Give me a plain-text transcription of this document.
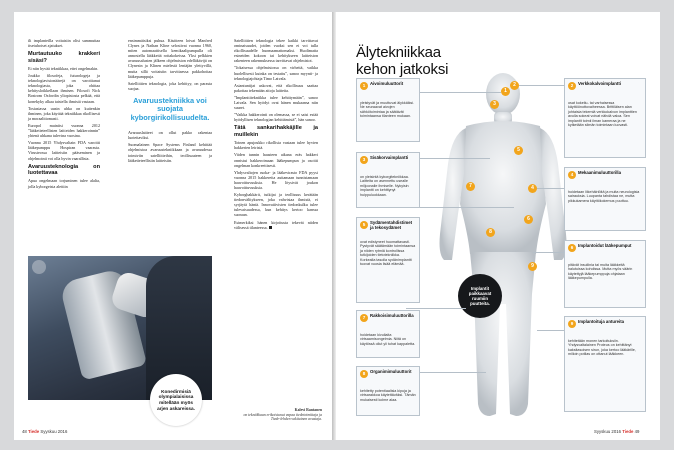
ili implanteilla voitaisiin olisi sammuttaa itsetuhoiset ajatukset.

Murtautuuko krakkeri sisäsi?

Ei niin hyvää tekniikkaa, ettei ongelmakin.

Joukko filosofeja, futurologeja ja teknologiavisionäärejä on varoittanut teknologiasta, joka ohittaa kehitysloikkellaan ihmisen. Filosofi Nick Bostrom Oxfordin yliopistosta pelkää, että konekyky alkaa taistella ihmistä vastaan.

Tosiasiassa uusin uhka on kuitenkin ihminen, joka käyttää tekniikkaa rikollisesti ja moraalittomasti.

Europol mainitsi vuonna 2012 ”lääketieteellisten laitteiden hakkeroinnin” yhtenä uhkana tulevina vuosina.

Vuonna 2015 Yhdysvaltain FDA varoitti lääkepumppu Hospiran vaarasta. Virusteossa laitteisiin pääseminen ja ohjelmointi voi olla hyvin vaarallista.

Avaruusteknologia on luotettavaa

Apua ongelmaan torjuminen tulee alalta, jolla kyborgeista alettiin

ensimmäisiksi puhua. Käsitteen loivat Manfred Clynes ja Nathan Kline selostivat vuonna 1960, miten automaattisella kemikaalipumpulla oli annostellu lääkkeitä rottakokeissa. Yksi pelkkien avaruusalusten jälkeen ohjelmiston edelläkävijä on Clynesin ja Klinen mielestä lentäjän ylettyvillä, mutta sillä voitaisiin tarvittaessa pakkohoitaa lääkepumppuja.

Satelliittien teknologia, joka kehittyy, on parasta suojaa.

Avaruustekniikka voi suojata kyborgirikollisuudelta.

Avaruuslaitteet on ollut pakko rakentaa luotettaviksi.

Suomalainen Space Systems Finland kehittää ohjelmistoa avaruustekniikkaan ja avaruudessa toimiviin satelliitteihin, teollisuuteen ja lääketieteellisiin laitteisiin.

Satelliittien teknologia tekee kaikki tarvittavat ominaisuudet, joiden vuoksi sen ei voi tulla rikollisuudelle huomaamattomaksi. Huolimatta esineiden kokoon tai kehitykseen laitteiston rakenteen rakennuksessa tarvittavat ohjelmistot.

”Jokaisessa ohjelmistossa on virheitä, vaikka huolellisesti kuinka on testattu”, sanoo myynti- ja teknologiajohtaja Timo Latvala.

Asiantuntijat uskovat, että rikollisuus saattaa pakottaa tekemään aitoja laitteita.

”Implanttitekniikka tulee kehittymään”, sanoo Latvala. Sen hyödyt ovat hänen mukaansa niin suuret.

”Vaikka hakkerointi on olemassa, se ei saisi estää hyödyllisen teknologian kehittämistä”, hän sanoo.

Tätä sankarihakkäjille ja muillekin

Toinen apujoukko rikollisia vastaan tulee hyvien hakkerien leiristä.

Viiden tunnin haasteen aikana eräs hakkeri onnistui hakkeroimaan lääkepumpun ja osoitti ongelman konkreettisesti.

Yhdysvaltojen ruoka- ja lääkevirasto FDA pyysi vuonna 2015 hakkereita auttamaan tunnistamaan haavoittuvuuksia. He löysivät joukon haavoittuvuuksia.

Kyborghakkärit, tutkijat ja teollisuus kerätään tiedonvälitykseen, joka vahvistaa ihmistä, ei syrjäytä häntä. Innovatiivisten tiedonkulku tulee tulevaisuudessa, kun kehitys kertoo kanssa suoraan.

Esimerkiksi hänen kirjoitusta tekevät niiden välisessä tilanteessa.

Konedirmisiä olympialaisissa mitellään myös arjen askareissa.	Kalevi Rantanen
on tekniikkaan erikoistunut vapaa tiedetoimittaja ja Tiede-lehden vakituinen avustaja.
48 Tiede Syyskuu 2016
Älytekniikkaa
kehon jatkoksi
Implantit paikkaavat ruumiin puutteita.
1
2
3
4
5
6
7
8
9
1 Aivoimuluuttorit
yleistyvät ja muuttuvat älykkäiksi. Ne seuraavat aivojen sähkötoimintaa ja säätävät toimintaansa tilanteen mukaan.
3 Sisäkorvaimplantti
on yleisintä kyborgitekniikkaa. Laitteita on asennettu usealle miljoonalle ihmiselle. Nykyisin implantti on kehittynyt huippuluokkaan.
5 Sydämentahdistimet ja tekosydämet
ovat edistyneet huomattavasti. Pystyvät säätämään toimintaansa ja niiden rytmiä kontrollissa tutkijoiden tietotekniikka. Korkealla tasolla sydänimplantit tuovat vuosia lisää elämää.
7 Rakkoisimuluuttorilla
hoidetaan kivuliaita virtsaamisongelmia. Niitä on käytössä ollut yli tuhat kappaletta.
8 Organimimuluuttorit
kehitetty potentiaalisia kipuja ja virtsarakkoa käytettäväksi. Tämän mukaisesti kolme alaa.
2 Verkkokalvoimplantti
osat kokeilu- tai varhaisessa käyttöönottovaiheessa. Brittiläisen alan johtaisia tekemiä verkkokalvon implanttien avulla sokeat voivat nähdä valoa. Sen implantit toimii ilman kameraa ja ne kytketään silmän toimintaan luovasti.
4 Mekaanimuluuttorilla
hoidetaan liikehäiriöitä ja muita neurologisia sairauksia. Luupanta tahdistaa ne, mutta pikkukamera käyttökokemus puuttuu.
6 Implantoidut lääkepumput
pitävät insuliinia tai muita lääkkeitä halutuissa kohdissa. Mutta myös väärin käytettyjä lääkepumppuja ohjataan lääkepumpulla.
9 Implantoituja antureita
kehitetään monen tarkoituksiin. Yhdysvaltalainen Proteus on kehittänyt kaksitasoisen sirun, joka kertoo lääkärille, milloin potilas on ottanut lääkkeen.
Syyskuu 2016 Tiede 49
